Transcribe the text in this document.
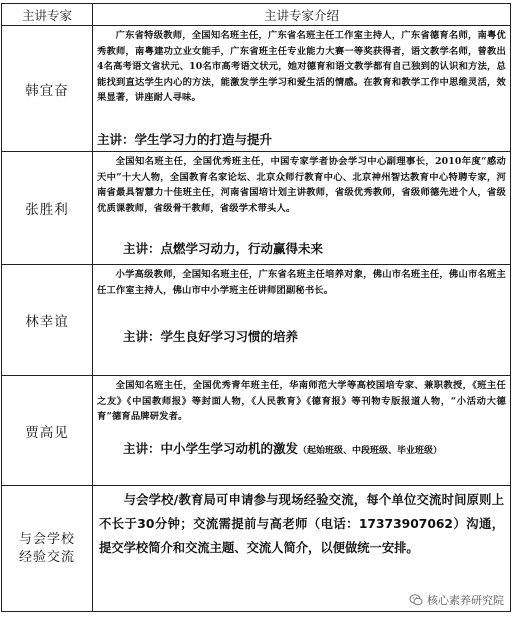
主讲专家	主讲专家介绍
韩宜奋	广东省特级教师，全国知名班主任，广东省名班主任工作室主持人，广东省德育名师，南粤优秀教师，南粤建功立业女能手，广东省班主任专业能力大赛一等奖获得者，语文教学名师，曾教出4名高考语文省状元、10名市高考语文状元，她对德育和语文教学都有自己独到的认识和方法，总能找到直达学生内心的方法，能激发学生学习和爱生活的情感。在教育和教学工作中思维灵活，效果显著，讲座耐人寻味。
主讲：学生学习力的打造与提升

张胜利	全国知名班主任，全国优秀班主任，中国专家学者协会学习中心副理事长，2010年度“感动天中”十大人物，全国教育名家论坛、北京众师行教育中心、北京神州智达教育中心特聘专家，河南省最具智慧力十佳班主任，河南省国培计划主讲教师，省级优秀教师，省级师德先进个人，省级优质课教师，省级骨干教师，省级学术带头人。
主讲：点燃学习动力，行动赢得未来

林幸谊	小学高级教师，全国知名班主任，广东省名班主任培养对象，佛山市名班主任，佛山市名班主任工作室主持人，佛山市中小学班主任讲师团副秘书长。
主讲：学生良好学习习惯的培养

贾高见	全国知名班主任，全国优秀青年班主任，华南师范大学等高校国培专家、兼职教授，《班主任之友》《中国教师报》等封面人物，《人民教育》《德育报》等刊物专版报道人物，“小活动大德育”德育品牌研发者。
主讲：中小学生学习动机的激发（起始班级、中段班级、毕业班级）

与会学校
经验交流	与会学校/教育局可申请参与现场经验交流，每个单位交流时间原则上不长于30分钟；交流需提前与高老师（电话：17373907062）沟通，提交学校简介和交流主题、交流人简介，以便做统一安排。
核心素养研究院
